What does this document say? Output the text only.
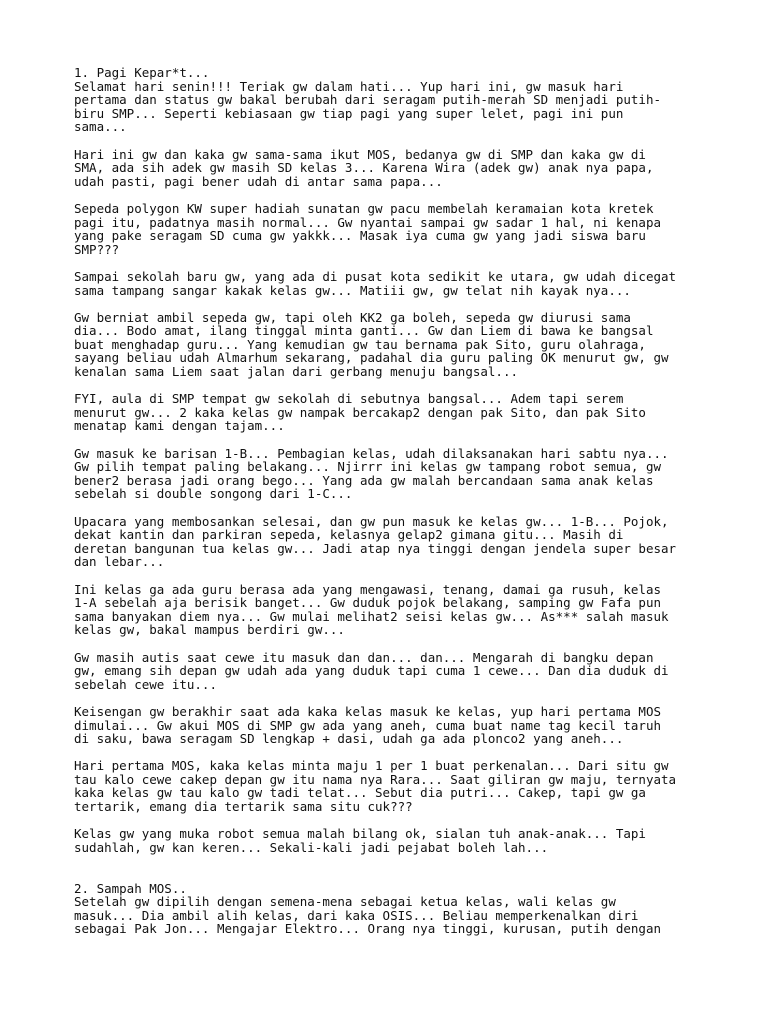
1. Pagi Kepar*t...
Selamat hari senin!!! Teriak gw dalam hati... Yup hari ini, gw masuk hari
pertama dan status gw bakal berubah dari seragam putih-merah SD menjadi putih-
biru SMP... Seperti kebiasaan gw tiap pagi yang super lelet, pagi ini pun
sama...
Hari ini gw dan kaka gw sama-sama ikut MOS, bedanya gw di SMP dan kaka gw di
SMA, ada sih adek gw masih SD kelas 3... Karena Wira (adek gw) anak nya papa,
udah pasti, pagi bener udah di antar sama papa...
Sepeda polygon KW super hadiah sunatan gw pacu membelah keramaian kota kretek
pagi itu, padatnya masih normal... Gw nyantai sampai gw sadar 1 hal, ni kenapa
yang pake seragam SD cuma gw yakkk... Masak iya cuma gw yang jadi siswa baru
SMP???
Sampai sekolah baru gw, yang ada di pusat kota sedikit ke utara, gw udah dicegat
sama tampang sangar kakak kelas gw... Matiii gw, gw telat nih kayak nya...
Gw berniat ambil sepeda gw, tapi oleh KK2 ga boleh, sepeda gw diurusi sama
dia... Bodo amat, ilang tinggal minta ganti... Gw dan Liem di bawa ke bangsal
buat menghadap guru... Yang kemudian gw tau bernama pak Sito, guru olahraga,
sayang beliau udah Almarhum sekarang, padahal dia guru paling OK menurut gw, gw
kenalan sama Liem saat jalan dari gerbang menuju bangsal...
FYI, aula di SMP tempat gw sekolah di sebutnya bangsal... Adem tapi serem
menurut gw... 2 kaka kelas gw nampak bercakap2 dengan pak Sito, dan pak Sito
menatap kami dengan tajam...
Gw masuk ke barisan 1-B... Pembagian kelas, udah dilaksanakan hari sabtu nya...
Gw pilih tempat paling belakang... Njirrr ini kelas gw tampang robot semua, gw
bener2 berasa jadi orang bego... Yang ada gw malah bercandaan sama anak kelas
sebelah si double songong dari 1-C...
Upacara yang membosankan selesai, dan gw pun masuk ke kelas gw... 1-B... Pojok,
dekat kantin dan parkiran sepeda, kelasnya gelap2 gimana gitu... Masih di
deretan bangunan tua kelas gw... Jadi atap nya tinggi dengan jendela super besar
dan lebar...
Ini kelas ga ada guru berasa ada yang mengawasi, tenang, damai ga rusuh, kelas
1-A sebelah aja berisik banget... Gw duduk pojok belakang, samping gw Fafa pun
sama banyakan diem nya... Gw mulai melihat2 seisi kelas gw... As*** salah masuk
kelas gw, bakal mampus berdiri gw...
Gw masih autis saat cewe itu masuk dan dan... dan... Mengarah di bangku depan
gw, emang sih depan gw udah ada yang duduk tapi cuma 1 cewe... Dan dia duduk di
sebelah cewe itu...
Keisengan gw berakhir saat ada kaka kelas masuk ke kelas, yup hari pertama MOS
dimulai... Gw akui MOS di SMP gw ada yang aneh, cuma buat name tag kecil taruh
di saku, bawa seragam SD lengkap + dasi, udah ga ada ploncо2 yang aneh...
Hari pertama MOS, kaka kelas minta maju 1 per 1 buat perkenalan... Dari situ gw
tau kalo cewe cakep depan gw itu nama nya Rara... Saat giliran gw maju, ternyata
kaka kelas gw tau kalo gw tadi telat... Sebut dia putri... Cakep, tapi gw ga
tertarik, emang dia tertarik sama situ cuk???
Kelas gw yang muka robot semua malah bilang ok, sialan tuh anak-anak... Tapi
sudahlah, gw kan keren... Sekali-kali jadi pejabat boleh lah...
2. Sampah MOS..
Setelah gw dipilih dengan semena-mena sebagai ketua kelas, wali kelas gw
masuk... Dia ambil alih kelas, dari kaka OSIS... Beliau memperkenalkan diri
sebagai Pak Jon... Mengajar Elektro... Orang nya tinggi, kurusan, putih dengan
